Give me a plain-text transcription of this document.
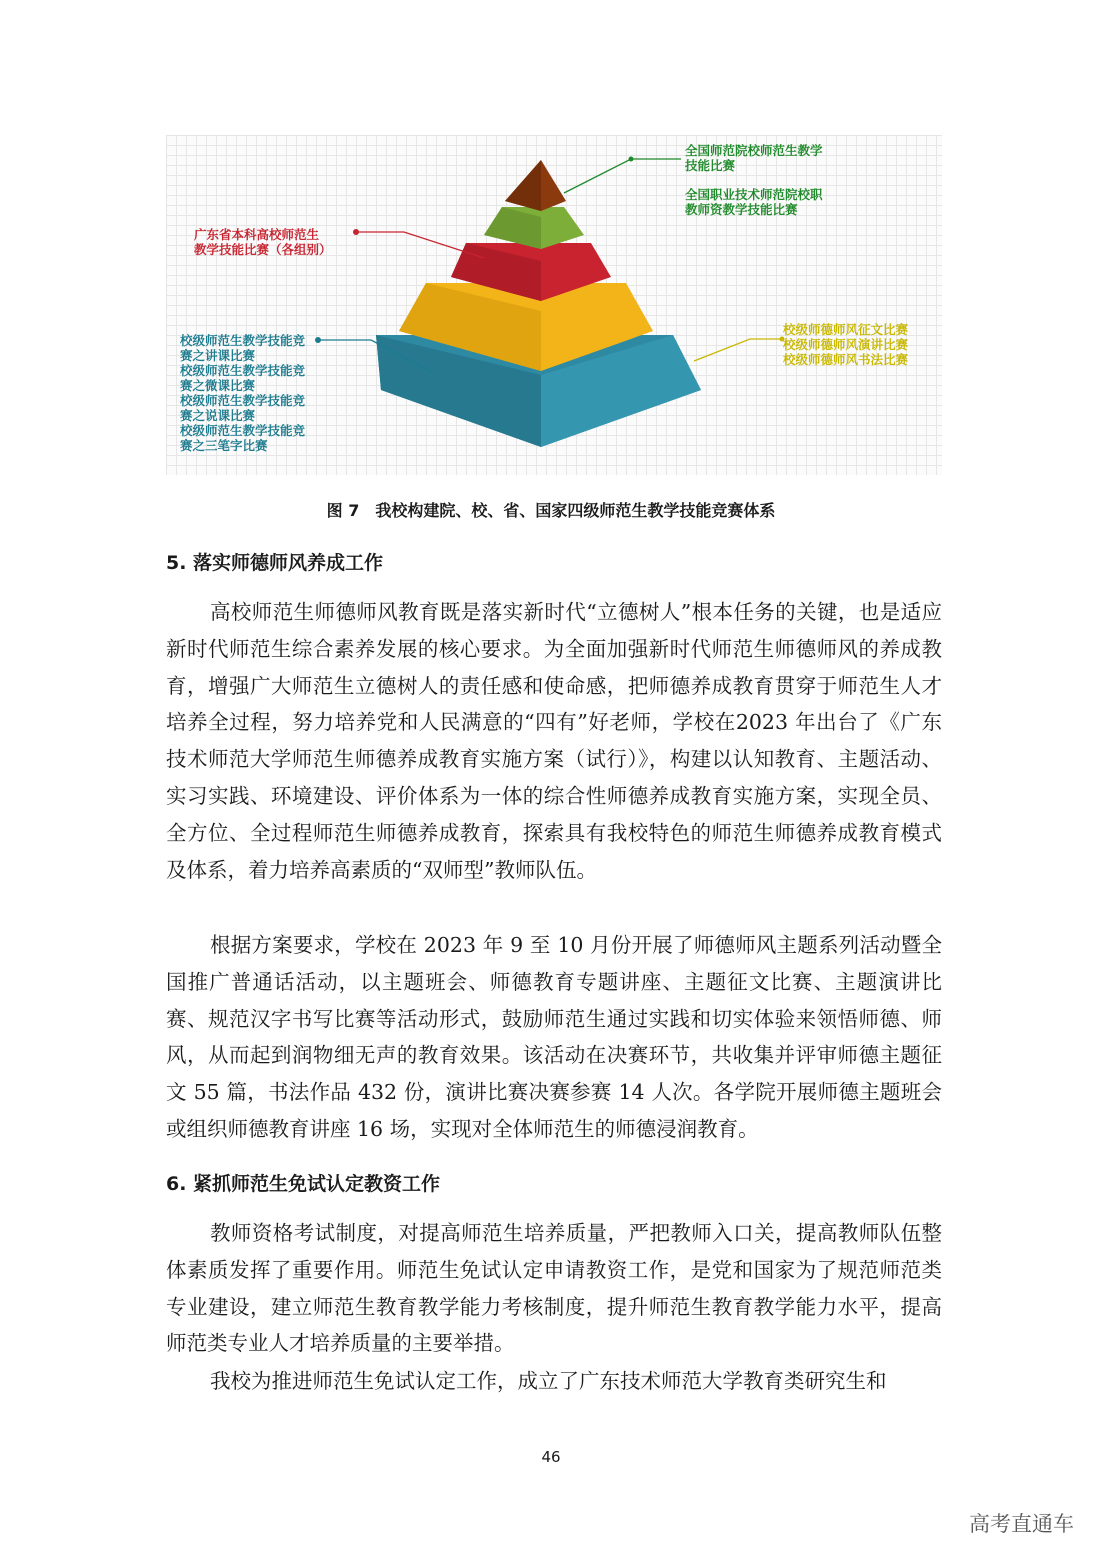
全国师范院校师范生教学
技能比赛
全国职业技术师范院校职
教师资教学技能比赛
广东省本科高校师范生
教学技能比赛（各组别）
校级师范生教学技能竞
赛之讲课比赛
校级师范生教学技能竞
赛之微课比赛
校级师范生教学技能竞
赛之说课比赛
校级师范生教学技能竞
赛之三笔字比赛
校级师德师风征文比赛
校级师德师风演讲比赛
校级师德师风书法比赛
图 7　我校构建院、校、省、国家四级师范生教学技能竞赛体系
5. 落实师德师风养成工作
高校师范生师德师风教育既是落实新时代“立德树人”根本任务的关键，也是适应新时代师范生综合素养发展的核心要求。为全面加强新时代师范生师德师风的养成教育，增强广大师范生立德树人的责任感和使命感，把师德养成教育贯穿于师范生人才培养全过程，努力培养党和人民满意的“四有”好老师，学校在2023 年出台了《广东技术师范大学师范生师德养成教育实施方案（试行）》，构建以认知教育、主题活动、实习实践、环境建设、评价体系为一体的综合性师德养成教育实施方案，实现全员、全方位、全过程师范生师德养成教育，探索具有我校特色的师范生师德养成教育模式及体系，着力培养高素质的“双师型”教师队伍。
根据方案要求，学校在 2023 年 9 至 10 月份开展了师德师风主题系列活动暨全国推广普通话活动，以主题班会、师德教育专题讲座、主题征文比赛、主题演讲比赛、规范汉字书写比赛等活动形式，鼓励师范生通过实践和切实体验来领悟师德、师风，从而起到润物细无声的教育效果。该活动在决赛环节，共收集并评审师德主题征文 55 篇，书法作品 432 份，演讲比赛决赛参赛 14 人次。各学院开展师德主题班会或组织师德教育讲座 16 场，实现对全体师范生的师德浸润教育。
6. 紧抓师范生免试认定教资工作
教师资格考试制度，对提高师范生培养质量，严把教师入口关，提高教师队伍整体素质发挥了重要作用。师范生免试认定申请教资工作，是党和国家为了规范师范类专业建设，建立师范生教育教学能力考核制度，提升师范生教育教学能力水平，提高师范类专业人才培养质量的主要举措。
我校为推进师范生免试认定工作，成立了广东技术师范大学教育类研究生和
46
高考直通车
